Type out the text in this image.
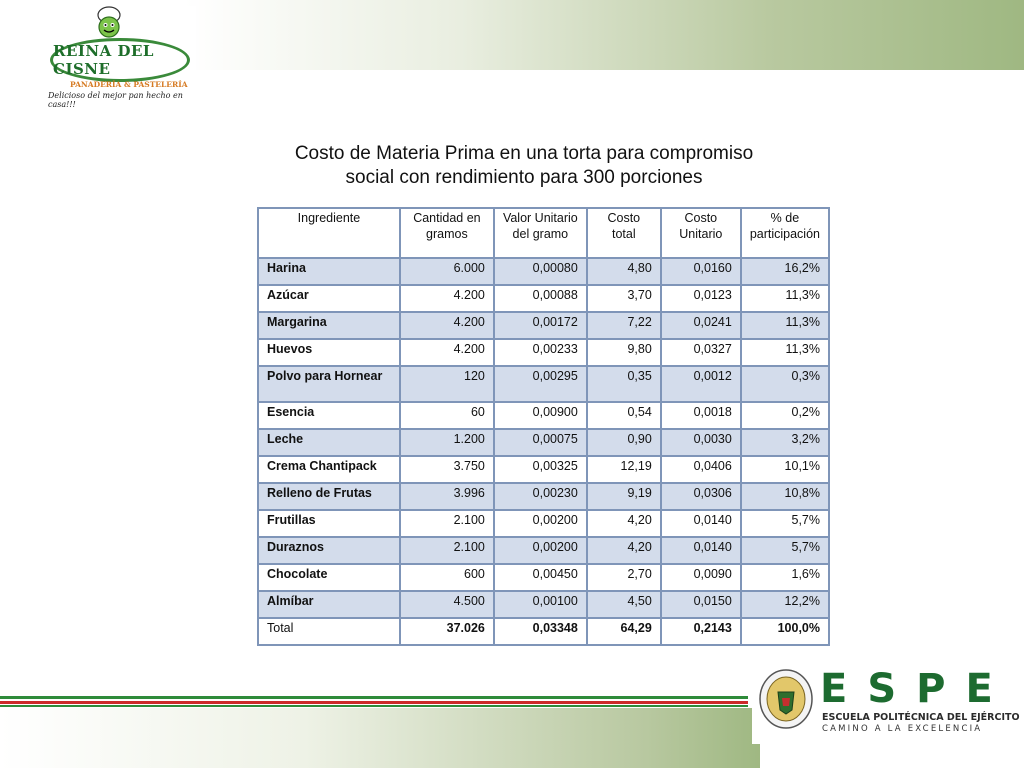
REINA DEL CISNE
PANADERÍA & PASTELERÍA
Delicioso del mejor pan hecho en casa!!!
Costo de Materia Prima en una torta para compromiso
social con rendimiento para 300 porciones
Ingrediente	Cantidad en gramos	Valor Unitario del gramo	Costo total	Costo Unitario	% de participación
Harina	6.000	0,00080	4,80	0,0160	16,2%
Azúcar	4.200	0,00088	3,70	0,0123	11,3%
Margarina	4.200	0,00172	7,22	0,0241	11,3%
Huevos	4.200	0,00233	9,80	0,0327	11,3%
Polvo para Hornear	120	0,00295	0,35	0,0012	0,3%
Esencia	60	0,00900	0,54	0,0018	0,2%
Leche	1.200	0,00075	0,90	0,0030	3,2%
Crema Chantipack	3.750	0,00325	12,19	0,0406	10,1%
Relleno de Frutas	3.996	0,00230	9,19	0,0306	10,8%
Frutillas	2.100	0,00200	4,20	0,0140	5,7%
Duraznos	2.100	0,00200	4,20	0,0140	5,7%
Chocolate	600	0,00450	2,70	0,0090	1,6%
Almíbar	4.500	0,00100	4,50	0,0150	12,2%
Total	37.026	0,03348	64,29	0,2143	100,0%
ESPE
ESCUELA POLITÉCNICA DEL EJÉRCITO
CAMINO A LA EXCELENCIA
